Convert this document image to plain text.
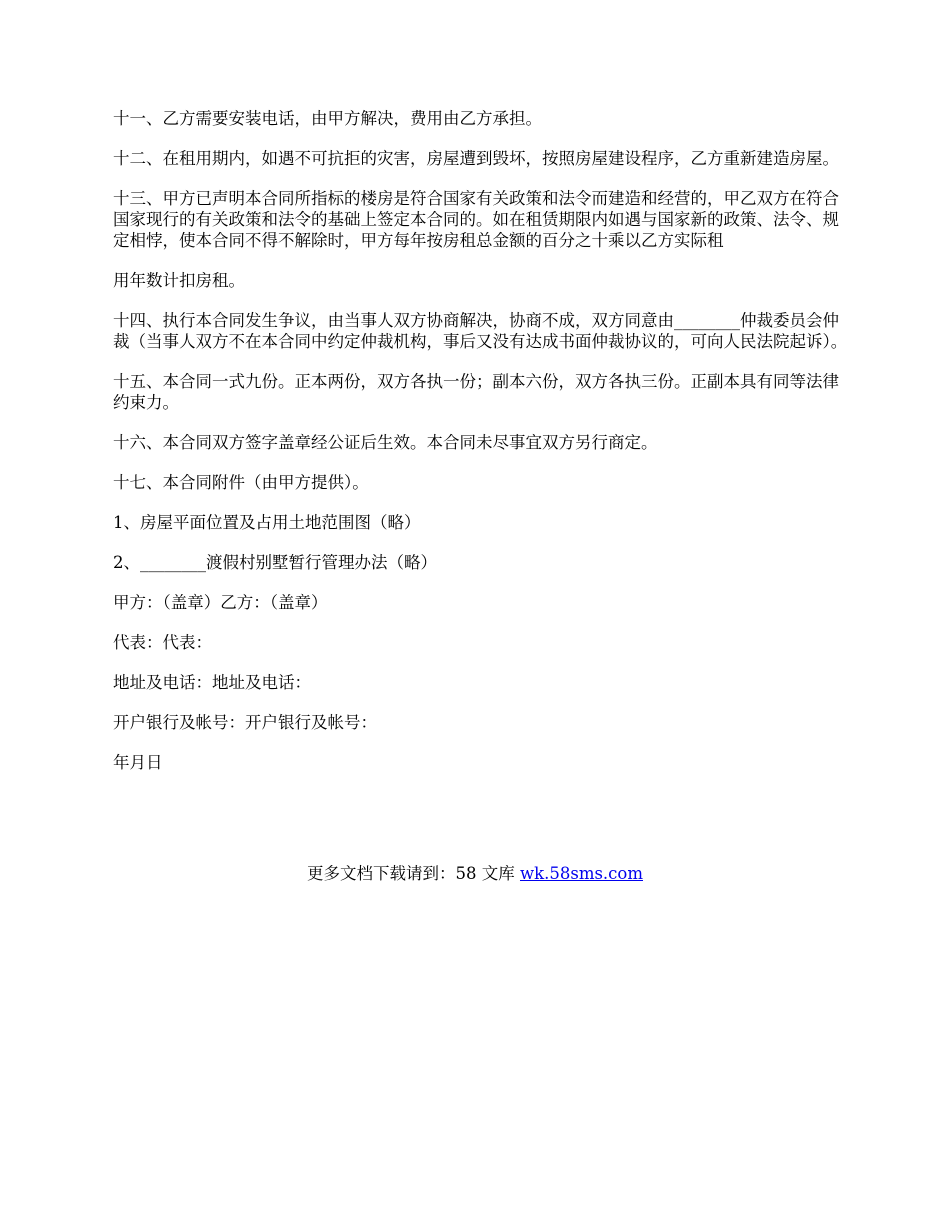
十一、乙方需要安装电话，由甲方解决，费用由乙方承担。

十二、在租用期内，如遇不可抗拒的灾害，房屋遭到毁坏，按照房屋建设程序，乙方重新建造房屋。

十三、甲方已声明本合同所指标的楼房是符合国家有关政策和法令而建造和经营的，甲乙双方在符合国家现行的有关政策和法令的基础上签定本合同的。如在租赁期限内如遇与国家新的政策、法令、规定相悖，使本合同不得不解除时，甲方每年按房租总金额的百分之十乘以乙方实际租

用年数计扣房租。

十四、执行本合同发生争议，由当事人双方协商解决，协商不成，双方同意由________仲裁委员会仲裁（当事人双方不在本合同中约定仲裁机构，事后又没有达成书面仲裁协议的，可向人民法院起诉）。

十五、本合同一式九份。正本两份，双方各执一份；副本六份，双方各执三份。正副本具有同等法律约束力。

十六、本合同双方签字盖章经公证后生效。本合同未尽事宜双方另行商定。

十七、本合同附件（由甲方提供）。

1、房屋平面位置及占用土地范围图（略）

2、________渡假村别墅暂行管理办法（略）

甲方：（盖章）乙方：（盖章）

代表：代表：

地址及电话：地址及电话：

开户银行及帐号：开户银行及帐号：

年月日

更多文档下载请到：58 文库 wk.58sms.com
